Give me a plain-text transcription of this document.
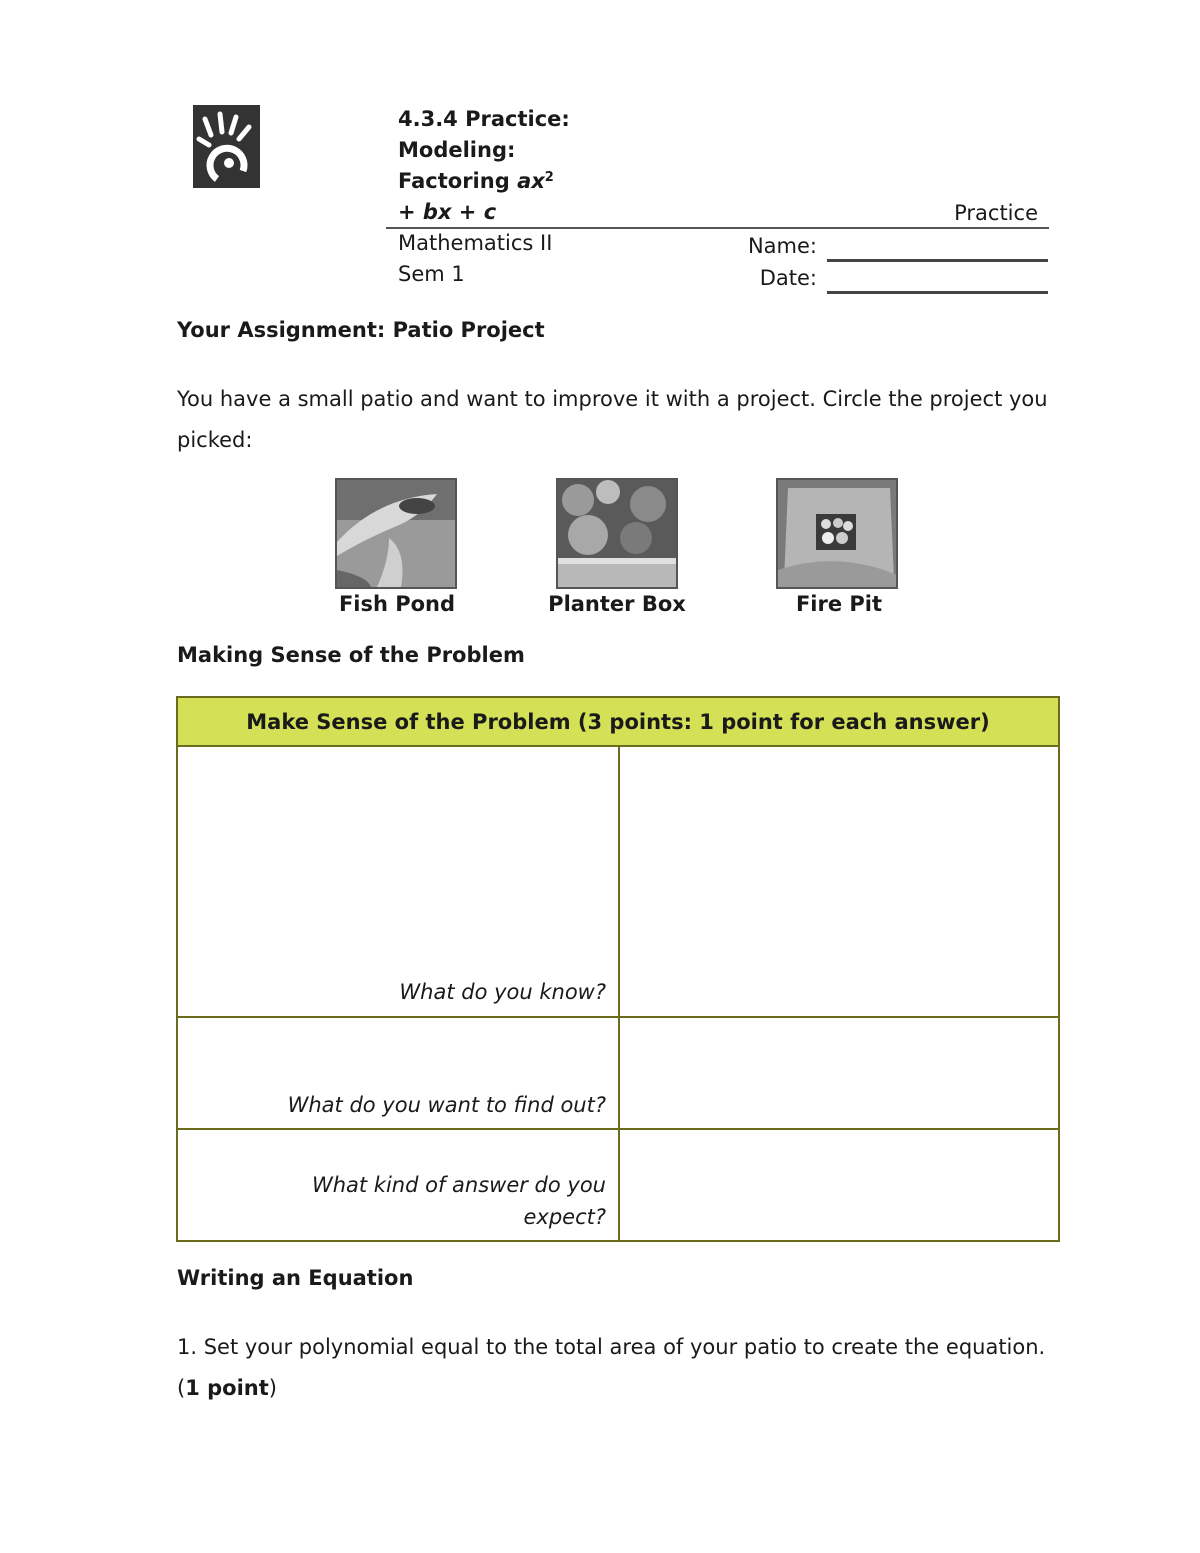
4.3.4 Practice:
Modeling:
Factoring $ax^2$
+ bx + c	Practice
Mathematics II
Sem 1
Name:
Date:
Your Assignment: Patio Project
You have a small patio and want to improve it with a project. Circle the project you picked:
Fish Pond	Planter Box	Fire Pit
Making Sense of the Problem
Make Sense of the Problem (3 points: 1 point for each answer)
What do you know?
What do you want to find out?
What kind of answer do you expect?
Writing an Equation
1. Set your polynomial equal to the total area of your patio to create the equation. (1 point)
